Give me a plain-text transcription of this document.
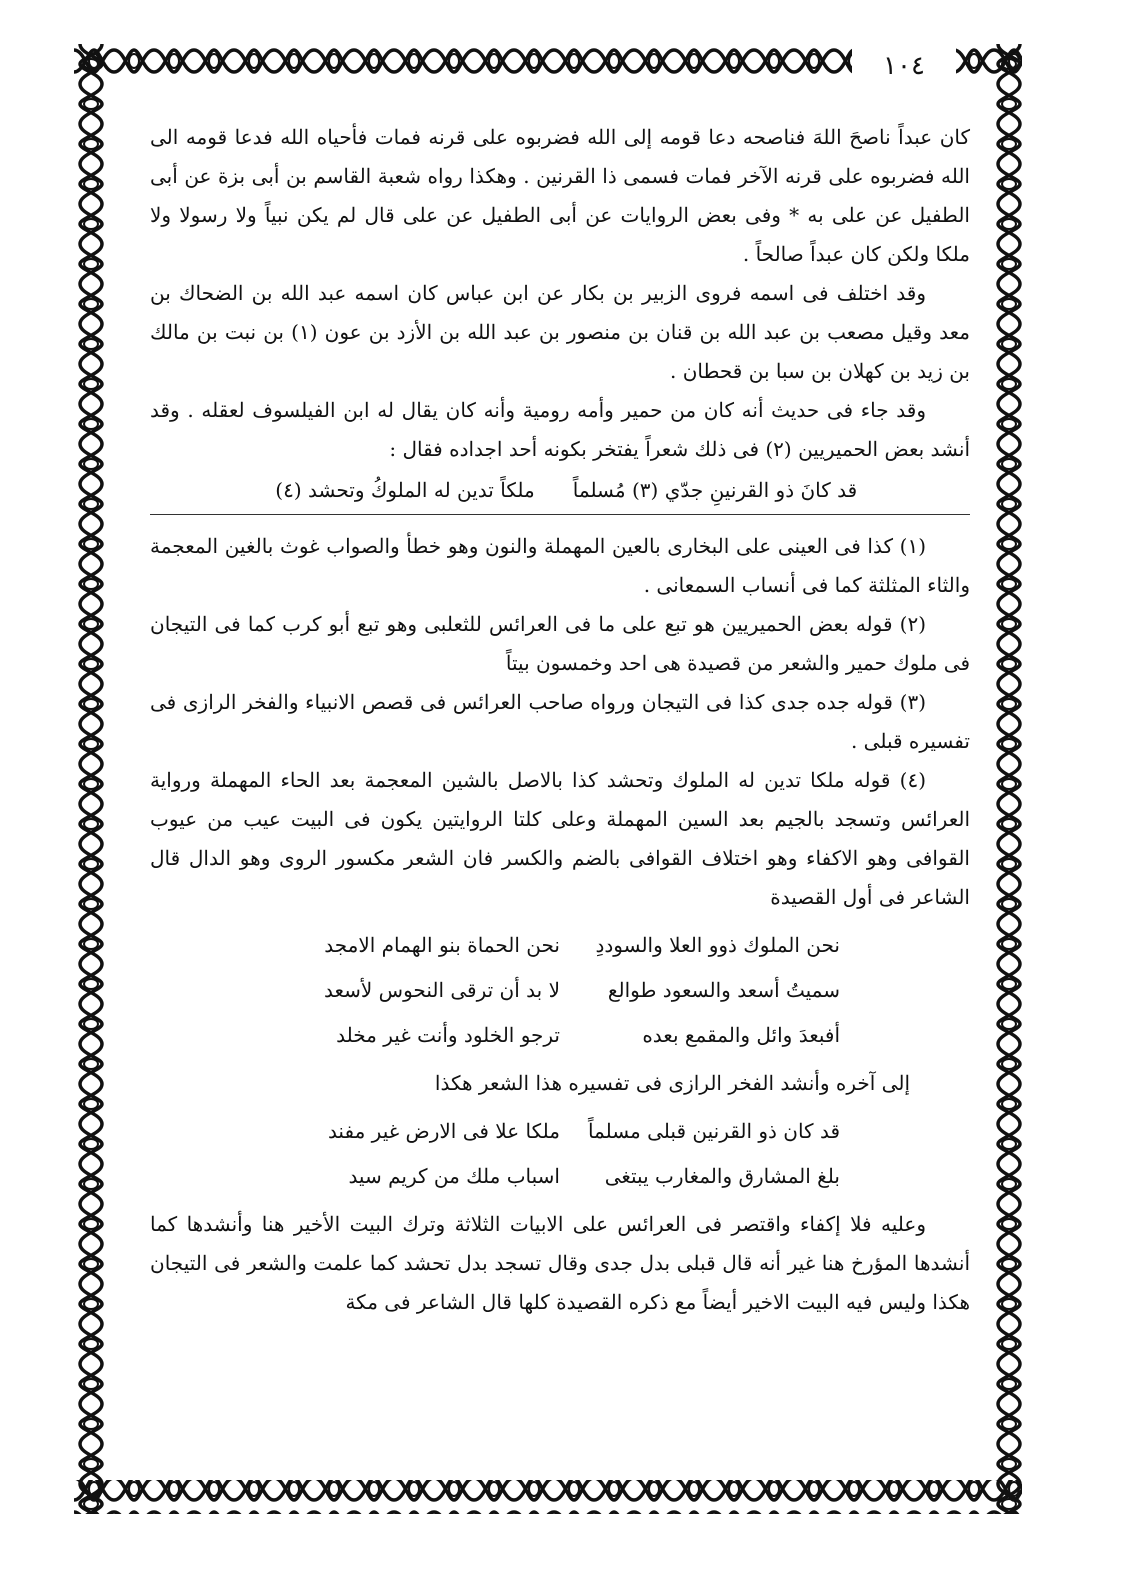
١٠٤

كان عبداً ناصحَ اللهَ فناصحه دعا قومه إلى الله فضربوه على قرنه فمات فأحياه الله فدعا قومه الى الله فضربوه على قرنه الآخر فمات فسمى ذا القرنين . وهكذا رواه شعبة القاسم بن أبى بزة عن أبى الطفيل عن على به * وفى بعض الروايات عن أبى الطفيل عن على قال لم يكن نبياً ولا رسولا ولا ملكا ولكن كان عبداً صالحاً .

وقد اختلف فى اسمه فروى الزبير بن بكار عن ابن عباس كان اسمه عبد الله بن الضحاك بن معد وقيل مصعب بن عبد الله بن قنان بن منصور بن عبد الله بن الأزد بن عون (١) بن نبت بن مالك بن زيد بن كهلان بن سبا بن قحطان .

وقد جاء فى حديث أنه كان من حمير وأمه رومية وأنه كان يقال له ابن الفيلسوف لعقله . وقد أنشد بعض الحميريين (٢) فى ذلك شعراً يفتخر بكونه أحد اجداده فقال :

قد كانَ ذو القرنينِ جدّي (٣) مُسلماً
ملكاً تدين له الملوكُ وتحشد (٤)

(١) كذا فى العينى على البخارى بالعين المهملة والنون وهو خطأ والصواب غوث بالغين المعجمة والثاء المثلثة كما فى أنساب السمعانى .

(٢) قوله بعض الحميريين هو تبع على ما فى العرائس للثعلبى وهو تبع أبو كرب كما فى التيجان فى ملوك حمير والشعر من قصيدة هى احد وخمسون بيتاً

(٣) قوله جده جدى كذا فى التيجان ورواه صاحب العرائس فى قصص الانبياء والفخر الرازى فى تفسيره قبلى .

(٤) قوله ملكا تدين له الملوك وتحشد كذا بالاصل بالشين المعجمة بعد الحاء المهملة ورواية العرائس وتسجد بالجيم بعد السين المهملة وعلى كلتا الروايتين يكون فى البيت عيب من عيوب القوافى وهو الاكفاء وهو اختلاف القوافى بالضم والكسر فان الشعر مكسور الروى وهو الدال قال الشاعر فى أول القصيدة

نحن الملوك ذوو العلا والسوددِ
نحن الحماة بنو الهمام الامجد
سميتُ أسعد والسعود طوالع
لا بد أن ترقى النحوس لأسعد
أفبعدَ وائل والمقمع بعده
ترجو الخلود وأنت غير مخلد

إلى آخره وأنشد الفخر الرازى فى تفسيره هذا الشعر هكذا

قد كان ذو القرنين قبلى مسلماً
ملكا علا فى الارض غير مفند
بلغ المشارق والمغارب يبتغى
اسباب ملك من كريم سيد

وعليه فلا إكفاء واقتصر فى العرائس على الابيات الثلاثة وترك البيت الأخير هنا وأنشدها كما أنشدها المؤرخ هنا غير أنه قال قبلى بدل جدى وقال تسجد بدل تحشد كما علمت والشعر فى التيجان هكذا وليس فيه البيت الاخير أيضاً مع ذكره القصيدة كلها قال الشاعر فى مكة
